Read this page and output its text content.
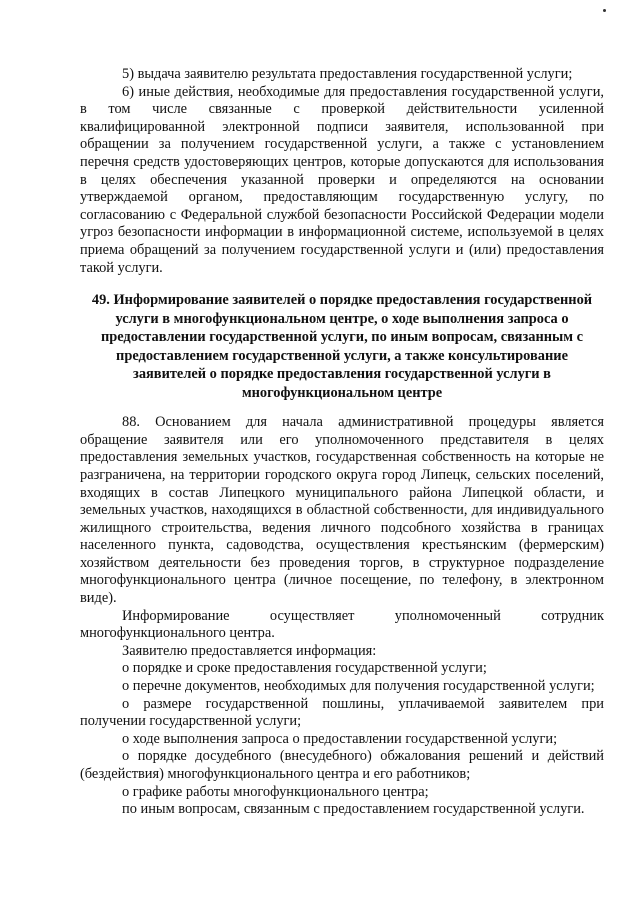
5) выдача заявителю результата предоставления государственной услуги;

6) иные действия, необходимые для предоставления государственной услуги, в том числе связанные с проверкой действительности усиленной квалифицированной электронной подписи заявителя, использованной при обращении за получением государственной услуги, а также с установлением перечня средств удостоверяющих центров, которые допускаются для использования в целях обеспечения указанной проверки и определяются на основании утверждаемой органом, предоставляющим государственную услугу, по согласованию с Федеральной службой безопасности Российской Федерации модели угроз безопасности информации в информационной системе, используемой в целях приема обращений за получением государственной услуги и (или) предоставления такой услуги.

49. Информирование заявителей о порядке предоставления государственной услуги в многофункциональном центре, о ходе выполнения запроса о предоставлении государственной услуги, по иным вопросам, связанным с предоставлением государственной услуги, а также консультирование заявителей о порядке предоставления государственной услуги в многофункциональном центре

88. Основанием для начала административной процедуры является обращение заявителя или его уполномоченного представителя в целях предоставления земельных участков, государственная собственность на которые не разграничена, на территории городского округа город Липецк, сельских поселений, входящих в состав Липецкого муниципального района Липецкой области, и земельных участков, находящихся в областной собственности, для индивидуального жилищного строительства, ведения личного подсобного хозяйства в границах населенного пункта, садоводства, осуществления крестьянским (фермерским) хозяйством деятельности без проведения торгов, в структурное подразделение многофункционального центра (личное посещение, по телефону, в электронном виде).

Информирование осуществляет уполномоченный сотрудник многофункционального центра.

Заявителю предоставляется информация:

о порядке и сроке предоставления государственной услуги;

о перечне документов, необходимых для получения государственной услуги;

о размере государственной пошлины, уплачиваемой заявителем при получении государственной услуги;

о ходе выполнения запроса о предоставлении государственной услуги;

о порядке досудебного (внесудебного) обжалования решений и действий (бездействия) многофункционального центра и его работников;

о графике работы многофункционального центра;

по иным вопросам, связанным с предоставлением государственной услуги.
